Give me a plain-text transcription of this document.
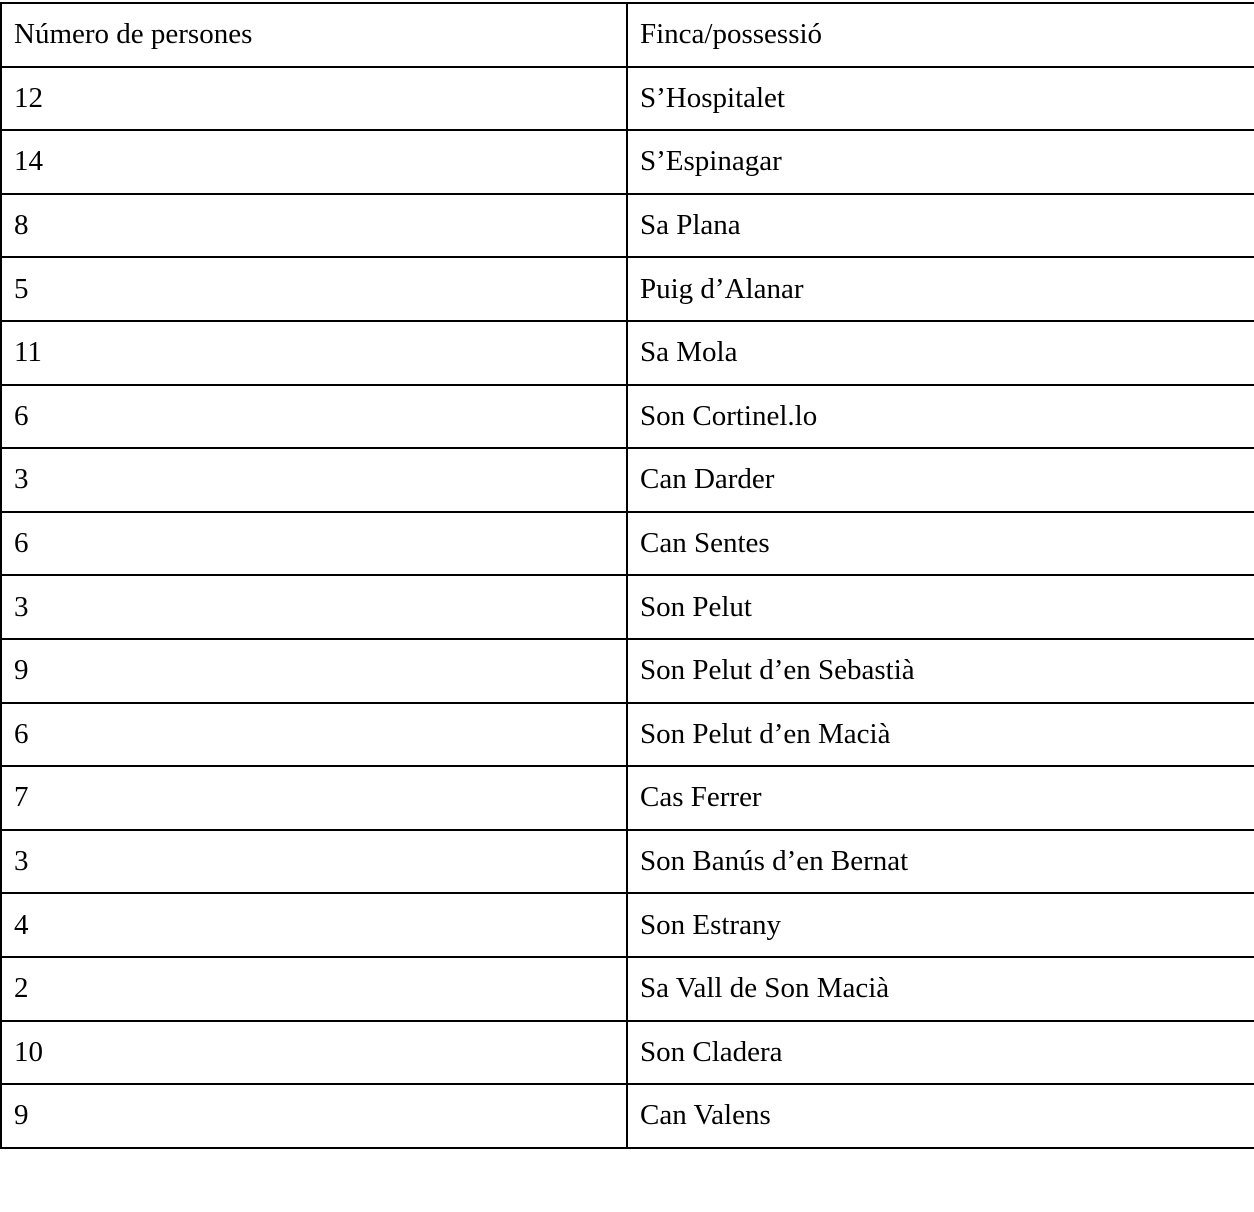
Número de persones	Finca/possessió
12	S’Hospitalet
14	S’Espinagar
8	Sa Plana
5	Puig d’Alanar
11	Sa Mola
6	Son Cortinel.lo
3	Can Darder
6	Can Sentes
3	Son Pelut
9	Son Pelut d’en Sebastià
6	Son Pelut d’en Macià
7	Cas Ferrer
3	Son Banús d’en Bernat
4	Son Estrany
2	Sa Vall de Son Macià
10	Son Cladera
9	Can Valens
